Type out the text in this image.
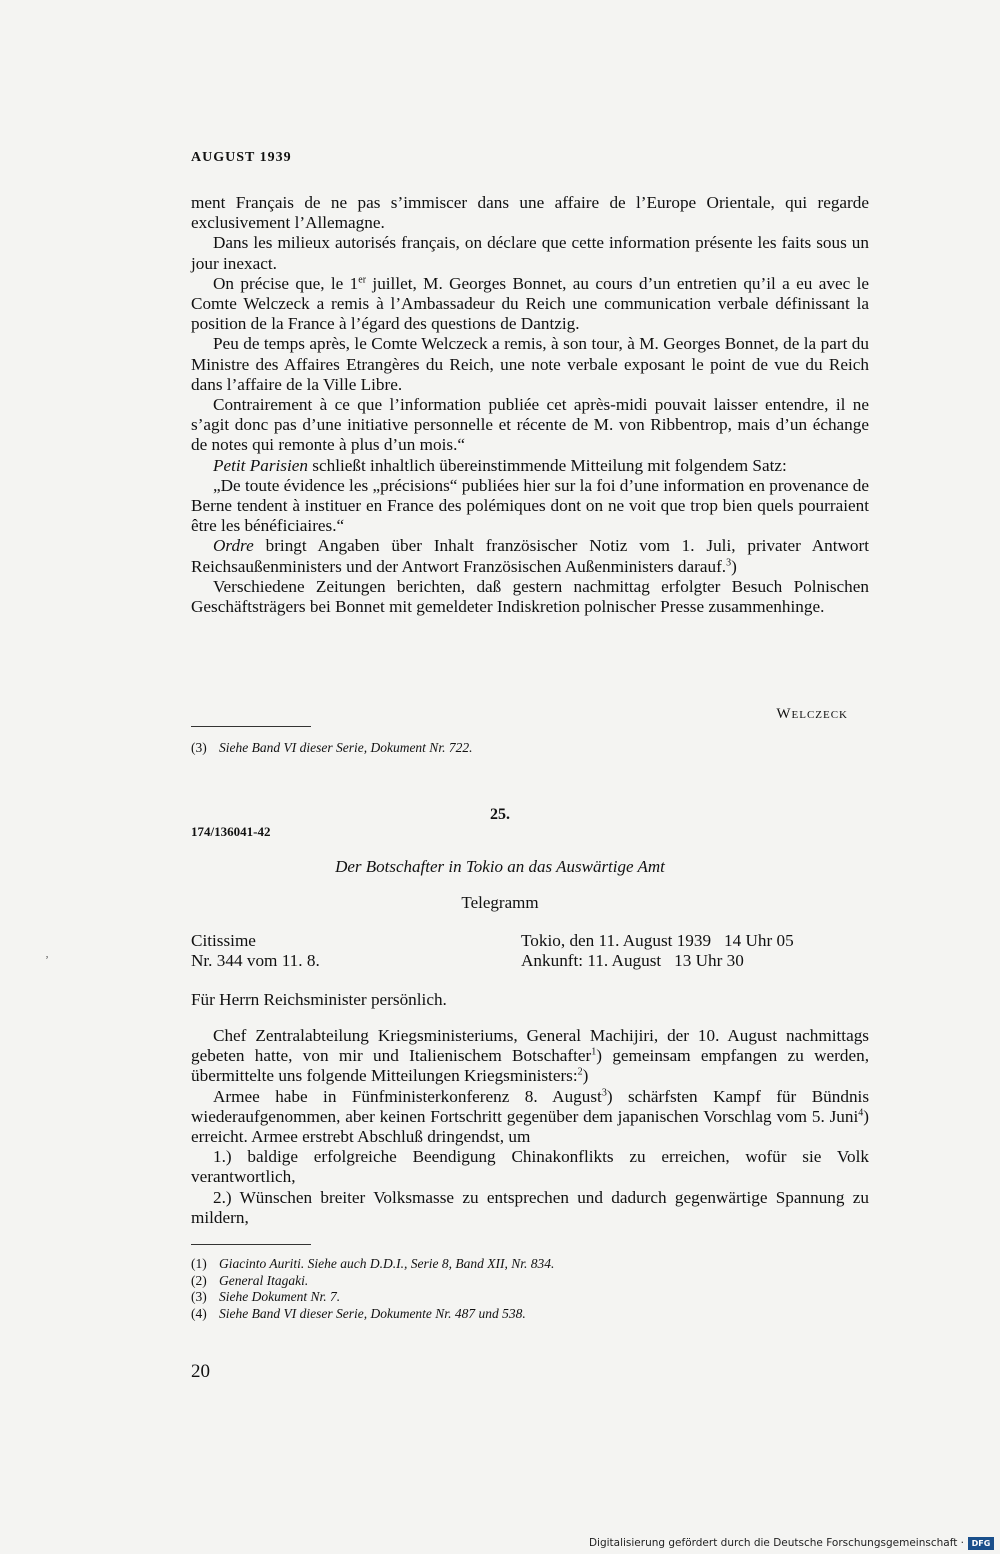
AUGUST 1939

ment Français de ne pas s’immiscer dans une affaire de l’Europe Orientale, qui regarde exclusivement l’Allemagne.

Dans les milieux autorisés français, on déclare que cette information présente les faits sous un jour inexact.

On précise que, le 1er juillet, M. Georges Bonnet, au cours d’un entretien qu’il a eu avec le Comte Welczeck a remis à l’Ambassadeur du Reich une communication verbale définissant la position de la France à l’égard des questions de Dantzig.

Peu de temps après, le Comte Welczeck a remis, à son tour, à M. Georges Bonnet, de la part du Ministre des Affaires Etrangères du Reich, une note verbale exposant le point de vue du Reich dans l’affaire de la Ville Libre.

Contrairement à ce que l’information publiée cet après-midi pouvait laisser entendre, il ne s’agit donc pas d’une initiative personnelle et récente de M. von Ribbentrop, mais d’un échange de notes qui remonte à plus d’un mois.“

Petit Parisien schließt inhaltlich übereinstimmende Mitteilung mit folgendem Satz:

„De toute évidence les „précisions“ publiées hier sur la foi d’une information en provenance de Berne tendent à instituer en France des polémiques dont on ne voit que trop bien quels pourraient être les bénéficiaires.“

Ordre bringt Angaben über Inhalt französischer Notiz vom 1. Juli, privater Antwort Reichsaußenministers und der Antwort Französischen Außenministers darauf.$^3$)

Verschiedene Zeitungen berichten, daß gestern nachmittag erfolgter Besuch Polnischen Geschäftsträgers bei Bonnet mit gemeldeter Indiskretion polnischer Presse zusammenhinge.

Welczeck
(3) Siehe Band VI dieser Serie, Dokument Nr. 722.
25.
174/136041-42
Der Botschafter in Tokio an das Auswärtige Amt
Telegramm
ʼ
Citissime
Nr. 344 vom 11. 8.
Tokio, den 11. August 1939   14 Uhr 05
Ankunft: 11. August   13 Uhr 30

Für Herrn Reichsminister persönlich.

Chef Zentralabteilung Kriegsministeriums, General Machijiri, der 10. August nachmittags gebeten hatte, von mir und Italienischem Botschafter$^1$) gemeinsam empfangen zu werden, übermittelte uns folgende Mitteilungen Kriegsministers:$^2$)

Armee habe in Fünfministerkonferenz 8. August$^3$) schärfsten Kampf für Bündnis wiederaufgenommen, aber keinen Fortschritt gegenüber dem japanischen Vorschlag vom 5. Juni$^4$) erreicht. Armee erstrebt Abschluß dringendst, um

1.) baldige erfolgreiche Beendigung Chinakonflikts zu erreichen, wofür sie Volk verantwortlich,

2.) Wünschen breiter Volksmasse zu entsprechen und dadurch gegenwärtige Spannung zu mildern,

(1) Giacinto Auriti. Siehe auch D.D.I., Serie 8, Band XII, Nr. 834.
(2) General Itagaki.
(3) Siehe Dokument Nr. 7.
(4) Siehe Band VI dieser Serie, Dokumente Nr. 487 und 538.
20
Digitalisierung gefördert durch die Deutsche Forschungsgemeinschaft · DFG
